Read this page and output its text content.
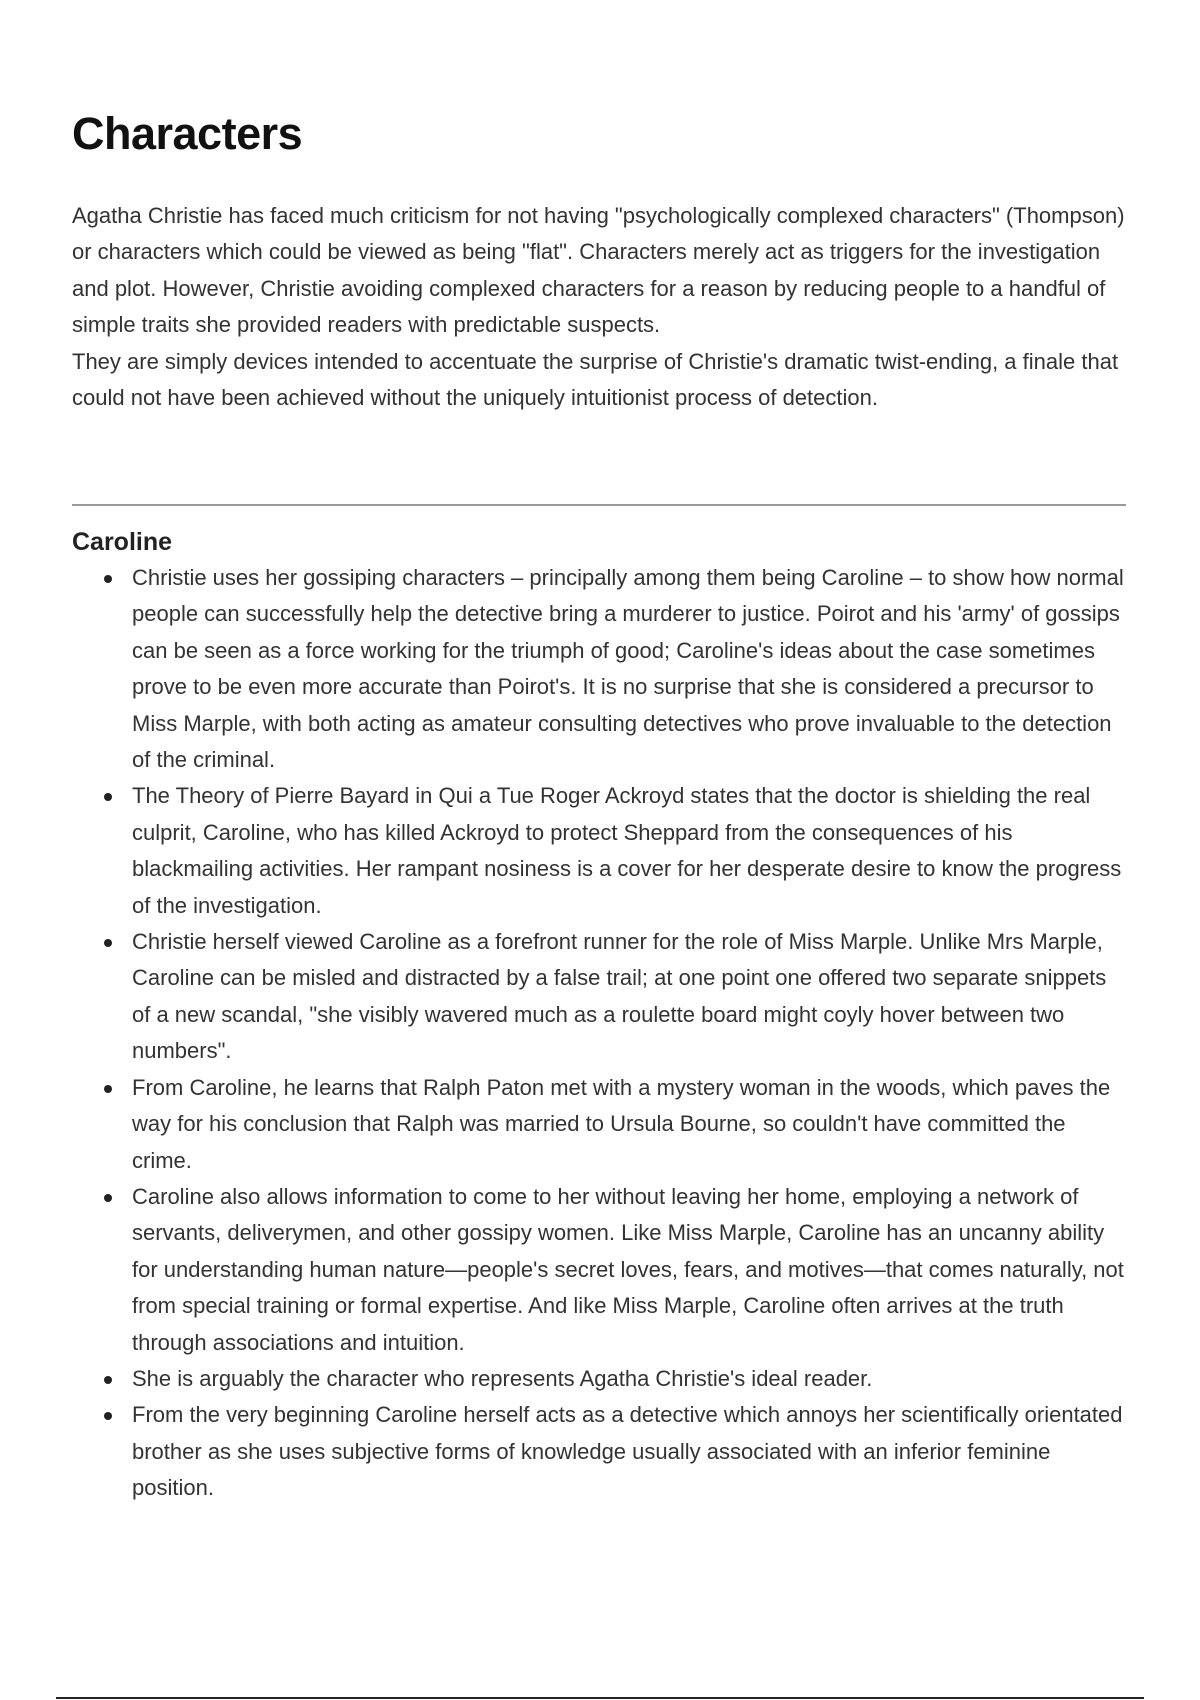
Characters

Agatha Christie has faced much criticism for not having "psychologically complexed characters" (Thompson) or characters which could be viewed as being "flat". Characters merely act as triggers for the investigation and plot. However, Christie avoiding complexed characters for a reason by reducing people to a handful of simple traits she provided readers with predictable suspects.

They are simply devices intended to accentuate the surprise of Christie's dramatic twist-ending, a finale that could not have been achieved without the uniquely intuitionist process of detection.

Caroline
Christie uses her gossiping characters – principally among them being Caroline – to show how normal people can successfully help the detective bring a murderer to justice. Poirot and his 'army' of gossips can be seen as a force working for the triumph of good; Caroline's ideas about the case sometimes prove to be even more accurate than Poirot's. It is no surprise that she is considered a precursor to Miss Marple, with both acting as amateur consulting detectives who prove invaluable to the detection of the criminal.
The Theory of Pierre Bayard in Qui a Tue Roger Ackroyd states that the doctor is shielding the real culprit, Caroline, who has killed Ackroyd to protect Sheppard from the consequences of his blackmailing activities. Her rampant nosiness is a cover for her desperate desire to know the progress of the investigation.
Christie herself viewed Caroline as a forefront runner for the role of Miss Marple. Unlike Mrs Marple, Caroline can be misled and distracted by a false trail; at one point one offered two separate snippets of a new scandal, "she visibly wavered much as a roulette board might coyly hover between two numbers".
From Caroline, he learns that Ralph Paton met with a mystery woman in the woods, which paves the way for his conclusion that Ralph was married to Ursula Bourne, so couldn't have committed the crime.
Caroline also allows information to come to her without leaving her home, employing a network of servants, deliverymen, and other gossipy women. Like Miss Marple, Caroline has an uncanny ability for understanding human nature—people's secret loves, fears, and motives—that comes naturally, not from special training or formal expertise. And like Miss Marple, Caroline often arrives at the truth through associations and intuition.
She is arguably the character who represents Agatha Christie's ideal reader.
From the very beginning Caroline herself acts as a detective which annoys her scientifically orientated brother as she uses subjective forms of knowledge usually associated with an inferior feminine position.
